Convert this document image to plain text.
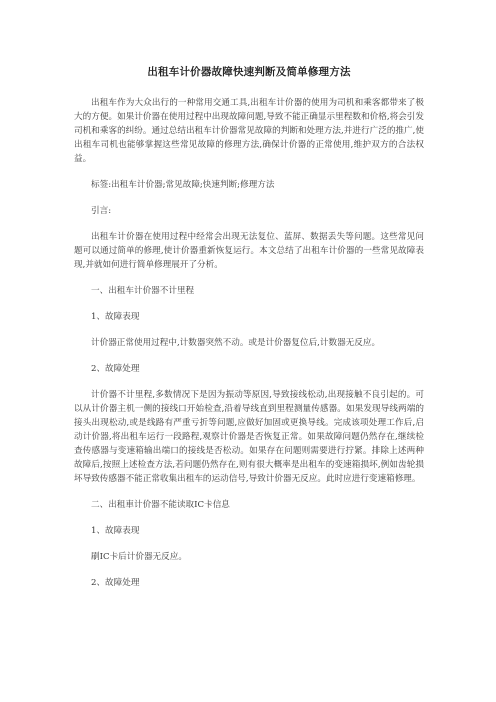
出租车计价器故障快速判断及简单修理方法

出租车作为大众出行的一种常用交通工具,出租车计价器的使用为司机和乘客都带来了极大的方便。如果计价器在使用过程中出现故障问题,导致不能正确显示里程数和价格,将会引发司机和乘客的纠纷。通过总结出租车计价器常见故障的判断和处理方法,并进行广泛的推广,使出租车司机也能够掌握这些常见故障的修理方法,确保计价器的正常使用,维护双方的合法权益。

标签:出租车计价器;常见故障;快速判断;修理方法

引言:

出租车计价器在使用过程中经常会出现无法复位、蓝屏、数据丢失等问题。这些常见问题可以通过简单的修理,使计价器重新恢复运行。本文总结了出租车计价器的一些常见故障表现,并就如何进行简单修理展开了分析。

一、出租车计价器不计里程

1、故障表现

计价器正常使用过程中,计数器突然不动。或是计价器复位后,计数器无反应。

2、故障处理

计价器不计里程,多数情况下是因为振动等原因,导致接线松动,出现接触不良引起的。可以从计价器主机一侧的接线口开始检查,沿着导线直到里程测量传感器。如果发现导线两端的接头出现松动,或是线路有严重亏折等问题,应做好加固或更换导线。完成该项处理工作后,启动计价器,将出租车运行一段路程,观察计价器是否恢复正常。如果故障问题仍然存在,继续检查传感器与变速箱输出端口的接线是否松动。如果存在问题则需要进行拧紧。排除上述两种故障后,按照上述检查方法,若问题仍然存在,则有很大概率是出租车的变速箱损坏,例如齿轮损坏导致传感器不能正常收集出租车的运动信号,导致计价器无反应。此时应进行变速箱修理。

二、出租車计价器不能读取IC卡信息

1、故障表现

刷IC卡后计价器无反应。

2、故障处理
